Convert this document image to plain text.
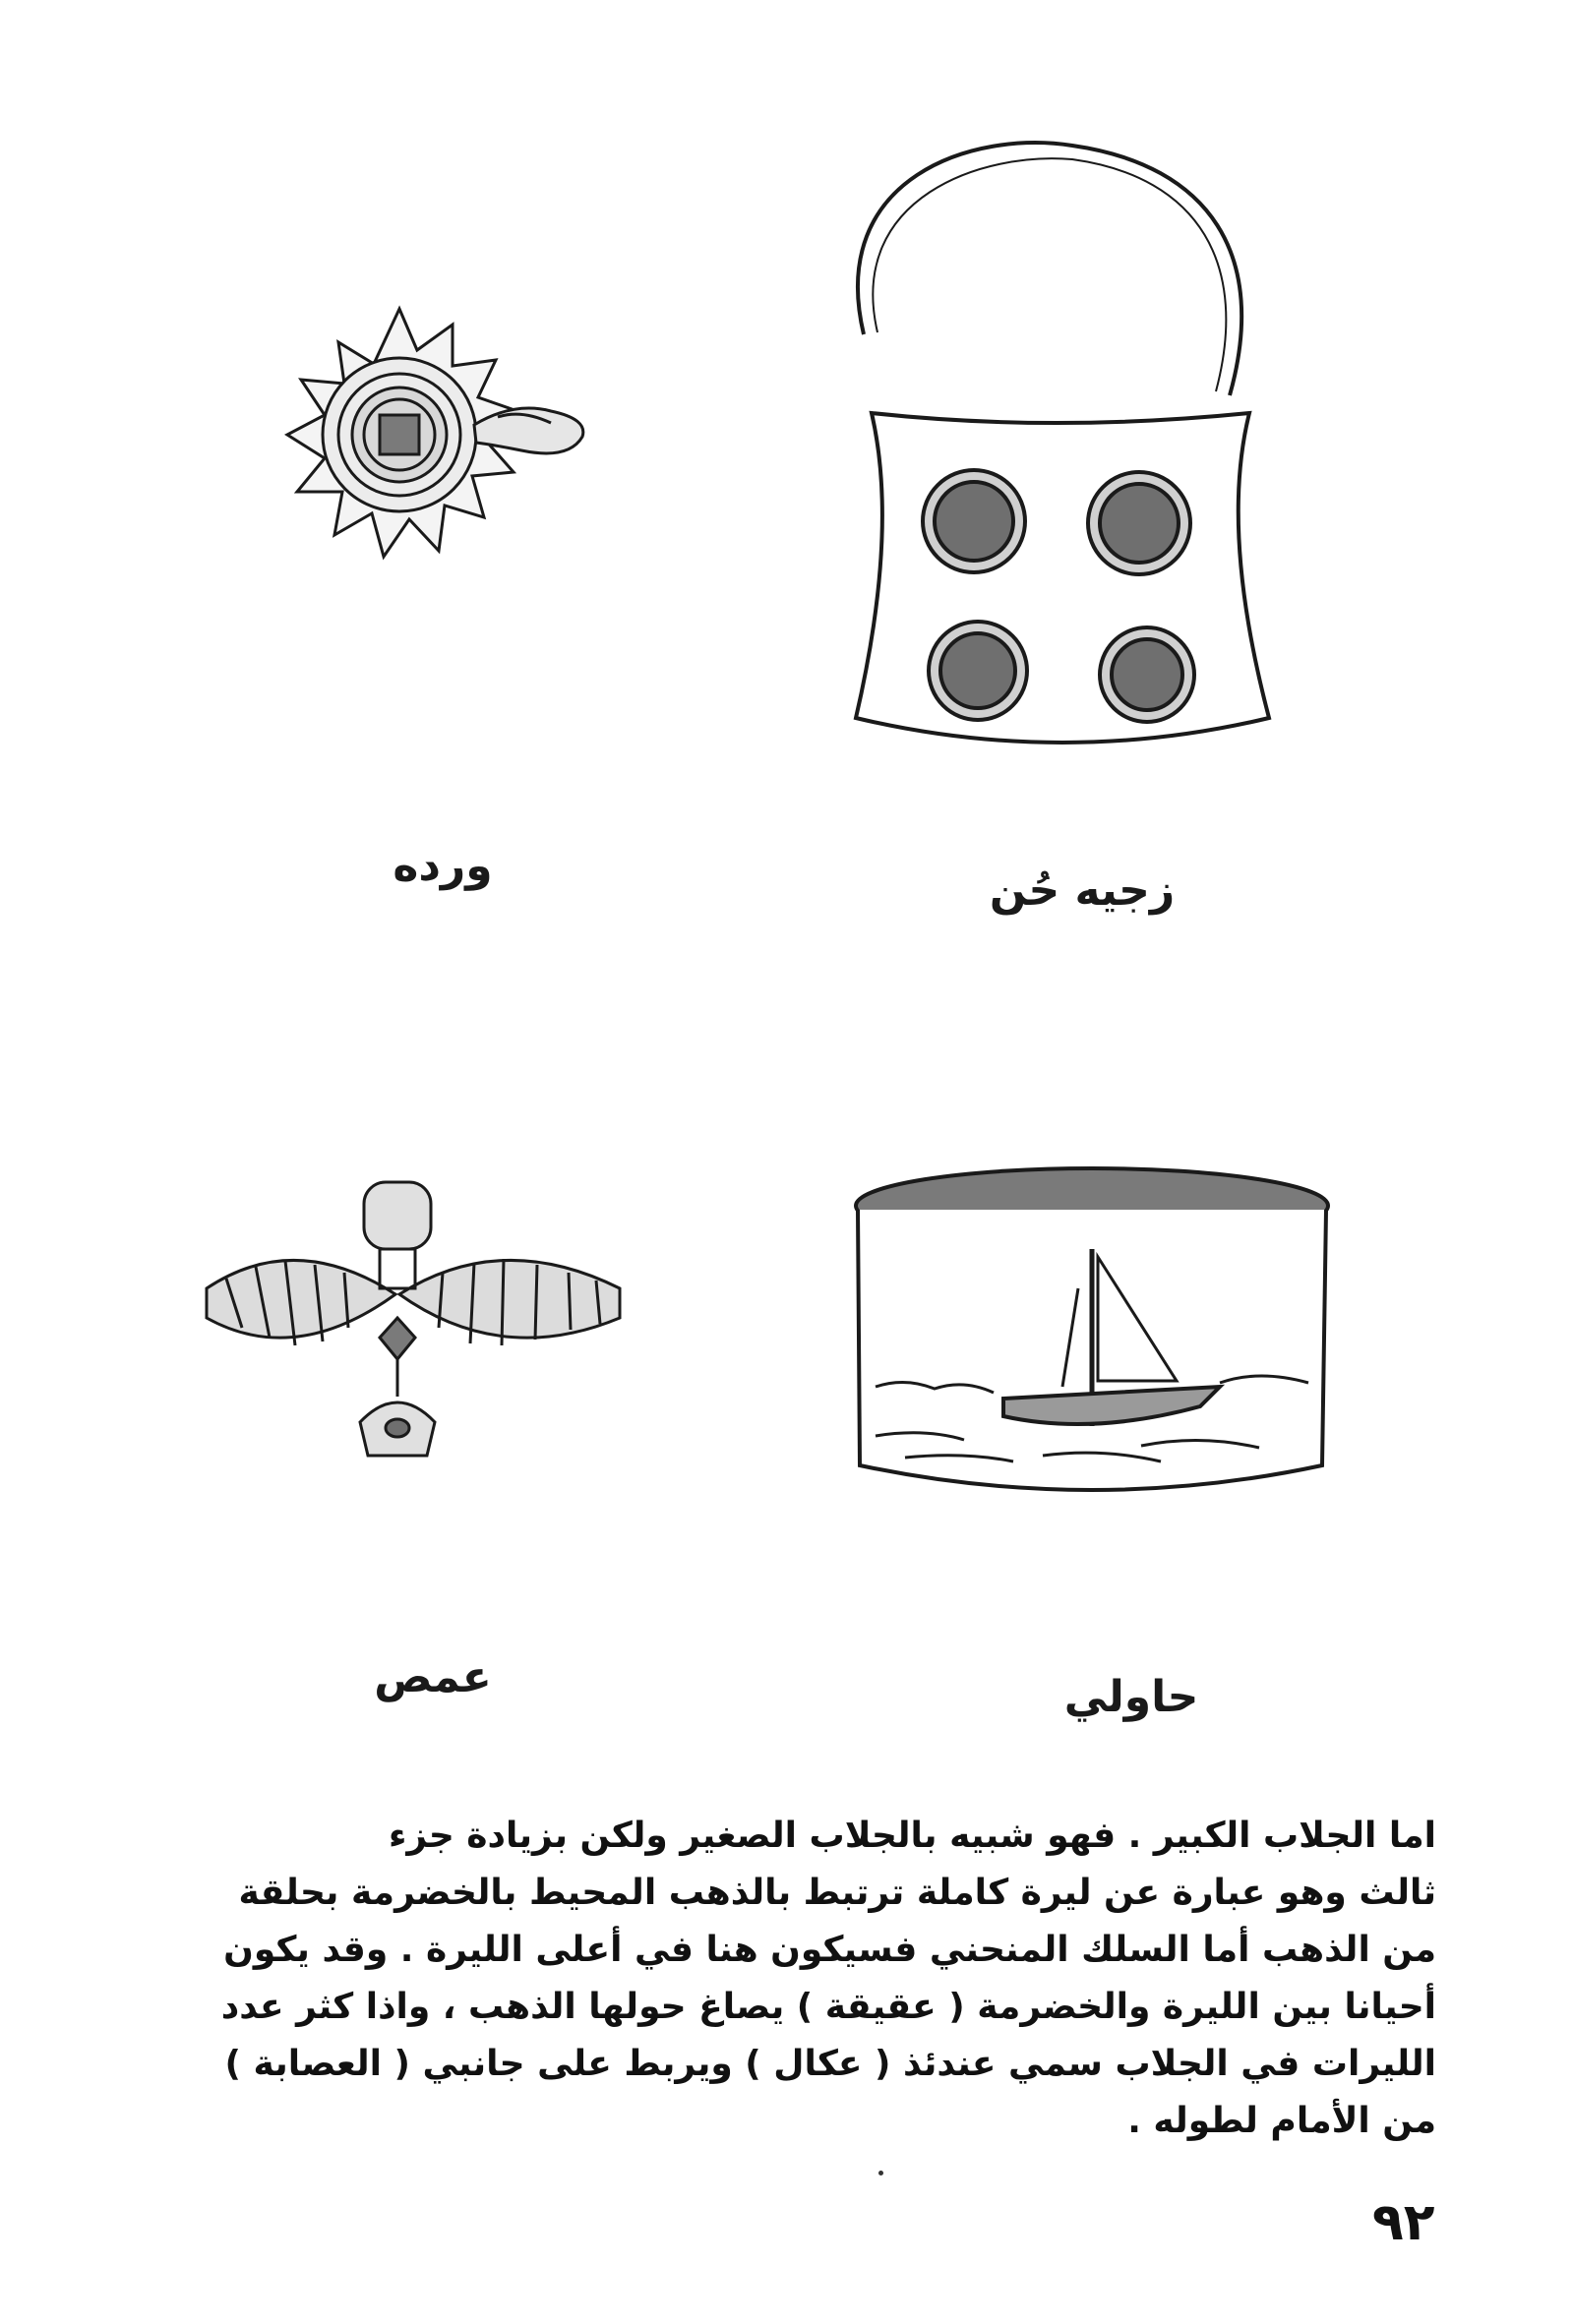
ورده	زجيه حُن
عمص	حاولي
اما الجلاب الكبير . فهو شبيه بالجلاب الصغير ولكن بزيادة جزء
ثالث وهو عبارة عن ليرة كاملة ترتبط بالذهب المحيط بالخضرمة بحلقة
من الذهب أما السلك المنحني فسيكون هنا في أعلى الليرة . وقد يكون
أحيانا بين الليرة والخضرمة ( عقيقة ) يصاغ حولها الذهب ، واذا كثر عدد
الليرات في الجلاب سمي عندئذ ( عكال ) ويربط على جانبي ( العصابة )
من الأمام لطوله .
٩٢
